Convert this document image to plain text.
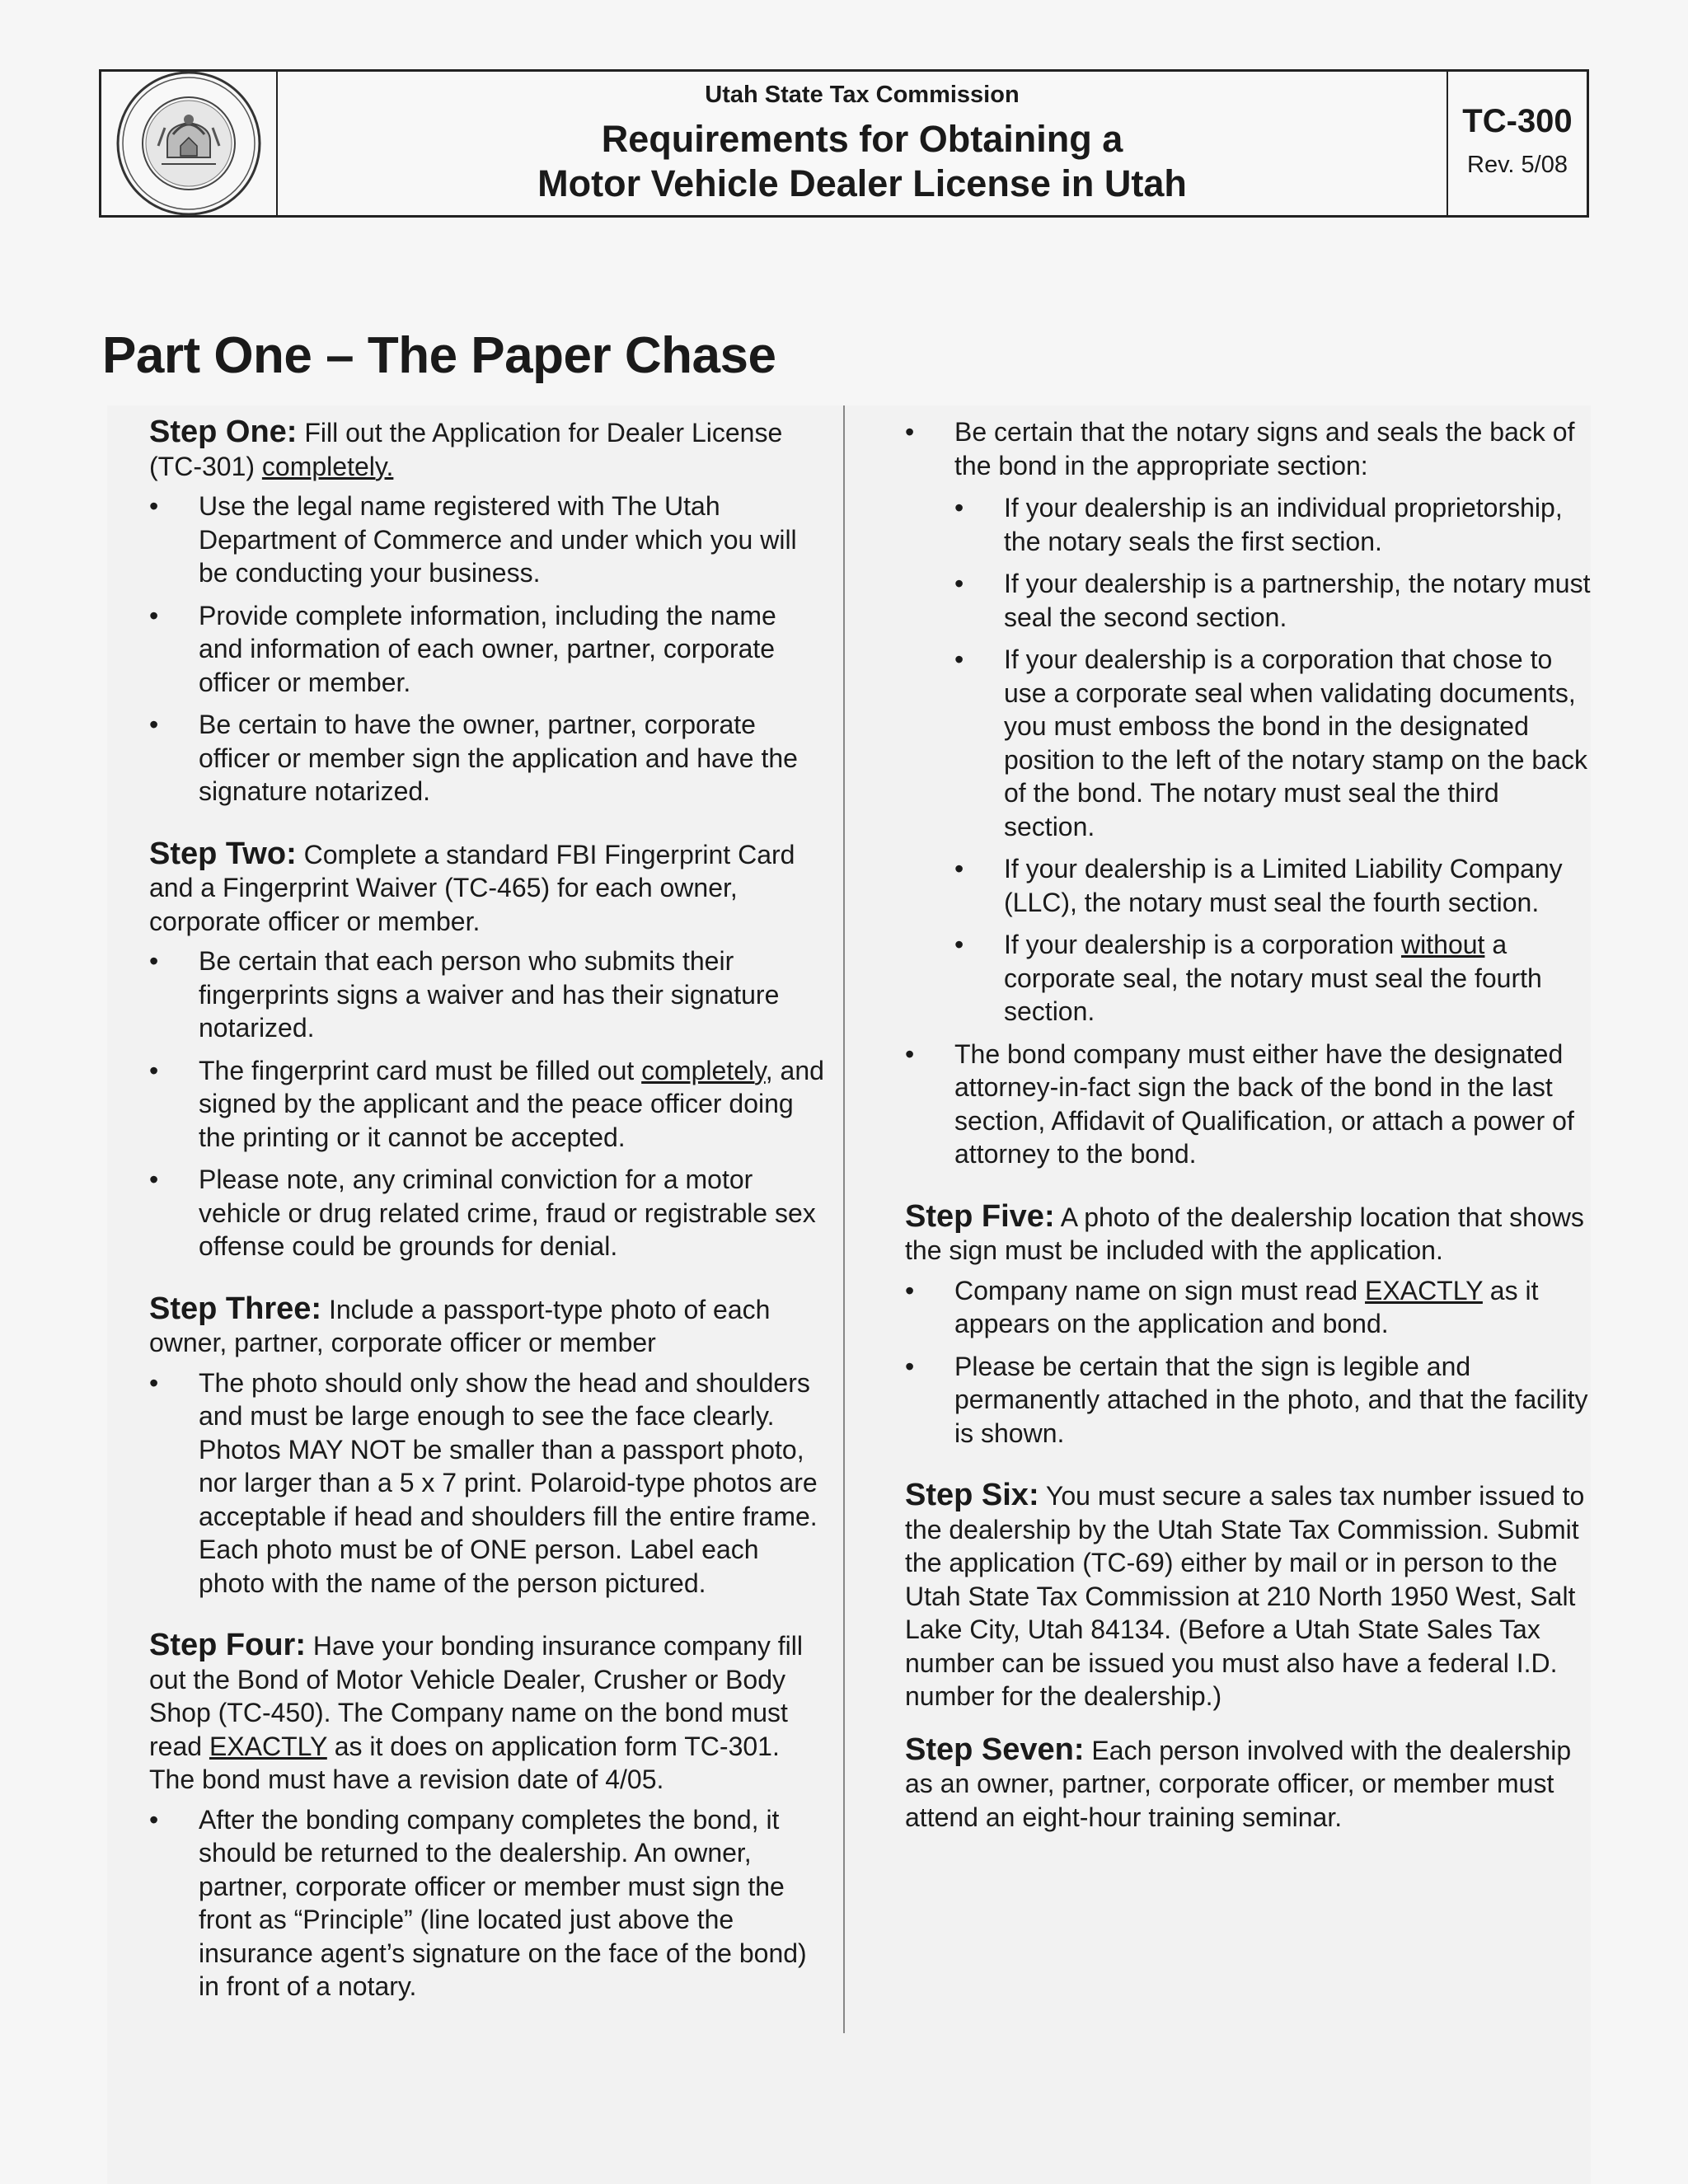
Utah State Tax Commission
Requirements for Obtaining a
Motor Vehicle Dealer License in Utah
TC-300
Rev. 5/08
Part One – The Paper Chase

Step One: Fill out the Application for Dealer License (TC-301) completely.

• Use the legal name registered with The Utah Department of Commerce and under which you will be conducting your business.
• Provide complete information, including the name and information of each owner, partner, corporate officer or member.
• Be certain to have the owner, partner, corporate officer or member sign the application and have the signature notarized.

Step Two: Complete a standard FBI Fingerprint Card and a Fingerprint Waiver (TC-465) for each owner, corporate officer or member.

• Be certain that each person who submits their fingerprints signs a waiver and has their signature notarized.
• The fingerprint card must be filled out completely, and signed by the applicant and the peace officer doing the printing or it cannot be accepted.
• Please note, any criminal conviction for a motor vehicle or drug related crime, fraud or registrable sex offense could be grounds for denial.

Step Three: Include a passport-type photo of each owner, partner, corporate officer or member

• The photo should only show the head and shoulders and must be large enough to see the face clearly. Photos MAY NOT be smaller than a passport photo, nor larger than a 5 x 7 print. Polaroid-type photos are acceptable if head and shoulders fill the entire frame. Each photo must be of ONE person. Label each photo with the name of the person pictured.

Step Four: Have your bonding insurance company fill out the Bond of Motor Vehicle Dealer, Crusher or Body Shop (TC-450). The Company name on the bond must read EXACTLY as it does on application form TC-301. The bond must have a revision date of 4/05.

• After the bonding company completes the bond, it should be returned to the dealership. An owner, partner, corporate officer or member must sign the front as “Principle” (line located just above the insurance agent’s signature on the face of the bond) in front of a notary.
• Be certain that the notary signs and seals the back of the bond in the appropriate section:
• If your dealership is an individual proprietorship, the notary seals the first section.
• If your dealership is a partnership, the notary must seal the second section.
• If your dealership is a corporation that chose to use a corporate seal when validating documents, you must emboss the bond in the designated position to the left of the notary stamp on the back of the bond. The notary must seal the third section.
• If your dealership is a Limited Liability Company (LLC), the notary must seal the fourth section.
• If your dealership is a corporation without a corporate seal, the notary must seal the fourth section.
• The bond company must either have the designated attorney-in-fact sign the back of the bond in the last section, Affidavit of Qualification, or attach a power of attorney to the bond.

Step Five: A photo of the dealership location that shows the sign must be included with the application.

• Company name on sign must read EXACTLY as it appears on the application and bond.
• Please be certain that the sign is legible and permanently attached in the photo, and that the facility is shown.

Step Six: You must secure a sales tax number issued to the dealership by the Utah State Tax Commission. Submit the application (TC-69) either by mail or in person to the Utah State Tax Commission at 210 North 1950 West, Salt Lake City, Utah 84134. (Before a Utah State Sales Tax number can be issued you must also have a federal I.D. number for the dealership.)

Step Seven: Each person involved with the dealership as an owner, partner, corporate officer, or member must attend an eight-hour training seminar.
